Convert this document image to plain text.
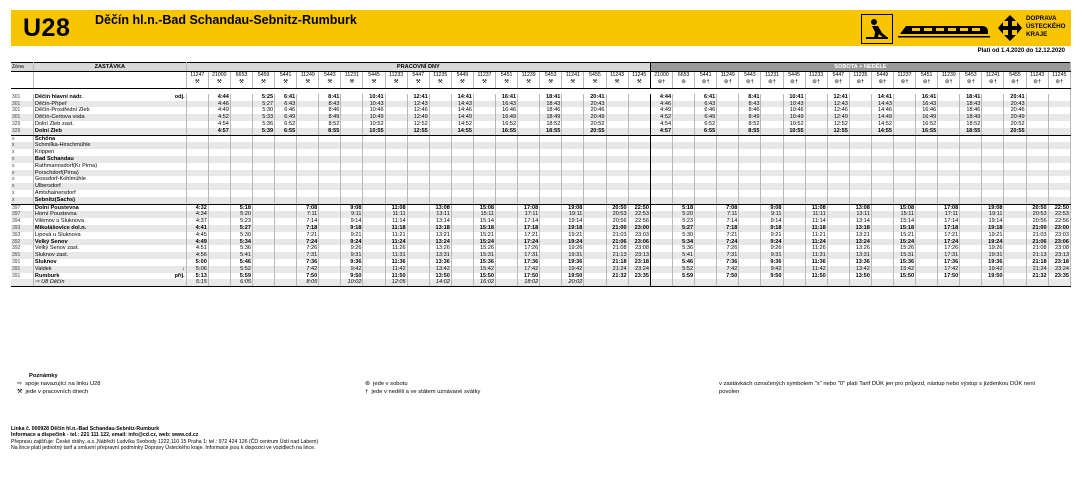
U28 Děčín hl.n.-Bad Schandau-Sebnitz-Rumburk	DOPRAVA
ÚSTECKÉHO
KRAJE
Platí od 1.4.2020 do 12.12.2020
Zóna	ZASTÁVKA	PRACOVNÍ DNY																					SOBOTA + NEDĚLE																		
		11247	21000	6653	5459	5441	11249	5443	11231	5445	11233	5447	11235	5449	11237	5451	11239	5453	11241	5455	11243	11245	21000	6653	5441	11249	5443	11231	5445	11233	5447	11235	5449	11237	5451	11239	5453	11241	5455	11243	11245
		⚒	⚒	⚒	⚒	⚒	⚒	⚒	⚒	⚒	⚒	⚒	⚒	⚒	⚒	⚒	⚒	⚒	⚒	⚒	⚒	⚒	⊚†	⊚	⊚†	⊚†	⊚†	⊚†	⊚†	⊚†	⊚†	⊚†	⊚†	⊚†	⊚†	⊚†	⊚†	⊚†	⊚†	⊚†	⊚†

301	Děčín hlavní nádr. odj.		4:44		5:25	6:41		8:41		10:41		12:41		14:41		16:41		18:41		20:41			4:44		6:41		8:41		10:41		12:41		14:41		16:41		18:41		20:41		
301	Děčín-Přípeř		4:46		5:27	6:43		8:43		10:43		12:43		14:43		16:43		18:43		20:43			4:46		6:43		8:43		10:43		12:43		14:43		16:43		18:43		20:43		
301	Děčín-Prostřední Žleb		4:49		5:30	6:46		8:46		10:46		12:46		14:46		16:46		18:46		20:46			4:49		6:46		8:46		10:46		12:46		14:46		16:46		18:46		20:46		
301	Děčín-Čertova voda		4:52		5:33	6:49		8:49		10:49		12:49		14:49		16:49		18:49		20:49			4:52		6:49		8:49		10:49		12:49		14:49		16:49		18:49		20:49		
329	Dolní Žleb zast.		4:54		5:36	6:52		8:52		10:52		12:52		14:52		16:52		18:52		20:52			4:54		6:52		8:52		10:52		12:52		14:52		16:52		18:52		20:52		
329	Dolní Žleb		4:57		5:39	6:55		8:55		10:55		12:55		14:55		16:55		18:55		20:55			4:57		6:55		8:55		10:55		12:55		14:55		16:55		18:55		20:55		
x	Schöna

x	Schmilka-Hirschmühle

x	Krippen

x	Bad Schandau

x	Rathmannsdorf(Kr Pirna)

x	Porschdorf(Pirna)

x	Gossdorf-Kohlmühle

x	Ulbersdorf

x	Amtshainersdorf

x	Sebnitz(Sachs)

397	Dolní Poustevna	4:32		5:18			7:08		9:08		11:08		13:08		15:08		17:08		19:08		20:50	22:50		5:18		7:08		9:08		11:08		13:08		15:08		17:08		19:08		20:50	22:50
397	Horní Poustevna	4:34		5:20			7:11		9:11		11:11		13:11		15:11		17:11		19:11		20:53	22:53		5:20		7:11		9:11		11:11		13:11		15:11		17:11		19:11		20:53	22:53
394	Vilémov u Šluknova	4:37		5:23			7:14		9:14		11:14		13:14		15:14		17:14		19:14		20:56	22:56		5:23		7:14		9:14		11:14		13:14		15:14		17:14		19:14		20:56	22:56
393	Mikulášovice dol.n.	4:41		5:27			7:18		9:18		11:18		13:18		15:18		17:18		19:18		21:00	23:00		5:27		7:18		9:18		11:18		13:18		15:18		17:18		19:18		21:00	23:00
393	Lipová u Šluknova	4:45		5:30			7:21		9:21		11:21		13:21		15:21		17:21		19:21		21:03	23:03		5:30		7:21		9:21		11:21		13:21		15:21		17:21		19:21		21:03	23:03
392	Velký Šenov	4:49		5:34			7:24		9:24		11:24		13:24		15:24		17:24		19:24		21:06	23:06		5:34		7:24		9:24		11:24		13:24		15:24		17:24		19:24		21:06	23:06
392	Velký Šenov zast.	4:51		5:36			7:26		9:26		11:26		13:26		15:26		17:26		19:26		21:08	23:08		5:36		7:26		9:26		11:26		13:26		15:26		17:26		19:26		21:08	23:08
391	Šluknov zast.	4:56		5:41			7:31		9:31		11:31		13:31		15:31		17:31		19:31		21:13	23:13		5:41		7:31		9:31		11:31		13:31		15:31		17:31		19:31		21:13	23:13
391	Šluknov	5:00		5:46			7:36		9:36		11:36		13:36		15:36		17:36		19:36		21:18	23:18		5:46		7:36		9:36		11:36		13:36		15:36		17:36		19:36		21:18	23:18
391	Valdek ↓	5:06		5:52			7:42		9:42		11:42		13:42		15:42		17:42		19:42		21:24	23:24		5:52		7:42		9:42		11:42		13:42		15:42		17:42		19:42		21:24	23:24
391	Rumburk příj.	5:13		5:59			7:50		9:50		11:50		13:50		15:50		17:50		19:50		21:32	23:35		5:59		7:50		9:50		11:50		13:50		15:50		17:50		19:50		21:32	23:35
	⇨ U8 Děčín	5:15		6:05			8:05		10:02		12:05		14:02		16:02		18:02		20:02																						
Poznámky
⇨ spoje navazující na linku U28
⚒ jede v pracovních dnech
⊚ jede v sobotu
† jede v neděli a ve státem uznávané svátky
v zastávkách označených symbolem "x" nebo "0" platí Tarif DÚK jen pro průjezd, nástup nebo výstup s jízdenkou DÚK není povolen
Linka č. 000928 Děčín hl.n.-Bad Schandau-Sebnitz-Rumburk
Informace a dispečink - tel.: 221 111 122, email: info@cd.cz, web: www.cd.cz
Přepravu zajišťuje: České dráhy, a.s.,Nábřeží Ludvíka Svobody 1222,110 15 Praha 1; tel.: 972 424 126 (ČD centrum Ústí nad Labem)
Na lince platí jednotný tarif a smluvní přepravní podmínky Dopravy Ústeckého kraje. Informace jsou k dispozici ve vozidlech na lince.
